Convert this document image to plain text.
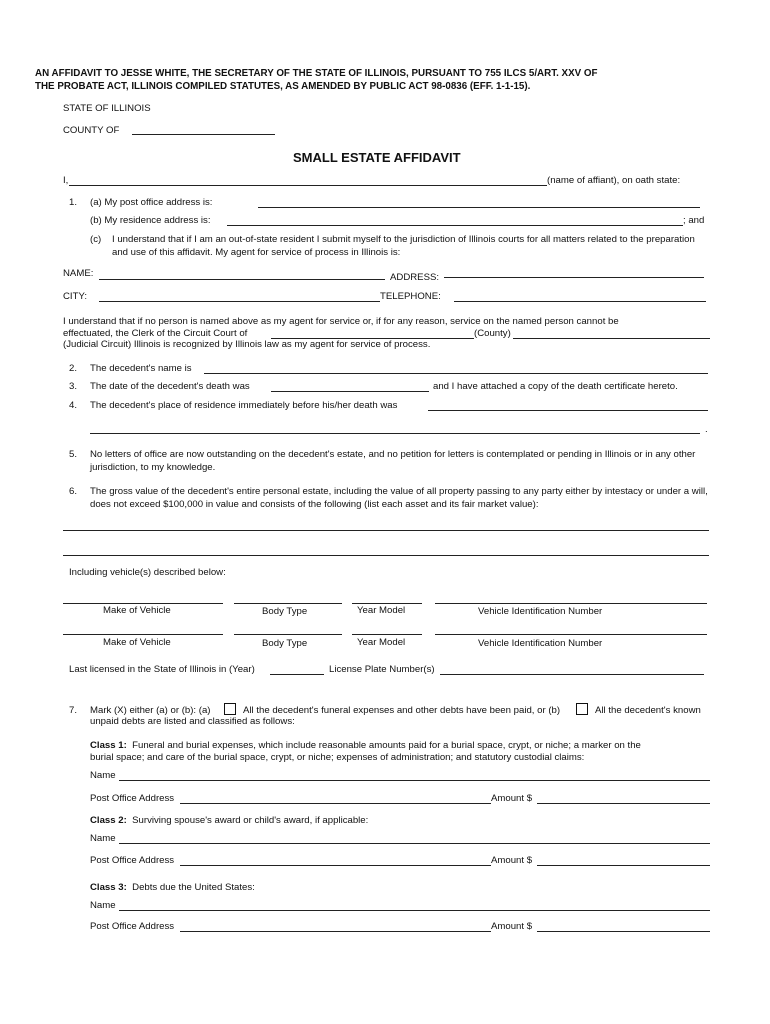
AN AFFIDAVIT TO JESSE WHITE, THE SECRETARY OF THE STATE OF ILLINOIS, PURSUANT TO 755 ILCS 5/ART. XXV OF
THE PROBATE ACT, ILLINOIS COMPILED STATUTES, AS AMENDED BY PUBLIC ACT 98-0836 (EFF. 1-1-15).
STATE OF ILLINOIS
COUNTY OF
SMALL ESTATE AFFIDAVIT
I,	(name of affiant), on oath state:
1. (a) My post office address is:
(b) My residence address is:	; and
(c) I understand that if I am an out-of-state resident I submit myself to the jurisdiction of Illinois courts for all matters related to the preparation and use of this affidavit. My agent for service of process in Illinois is:
NAME:	ADDRESS:
CITY:	TELEPHONE:
I understand that if no person is named above as my agent for service or, if for any reason, service on the named person cannot be
effectuated, the Clerk of the Circuit Court of	(County)
(Judicial Circuit) Illinois is recognized by Illinois law as my agent for service of process.
2. The decedent's name is
3. The date of the decedent's death was	and I have attached a copy of the death certificate hereto.
4. The decedent's place of residence immediately before his/her death was
.
5. No letters of office are now outstanding on the decedent's estate, and no petition for letters is contemplated or pending in Illinois or in any other jurisdiction, to my knowledge.
6. The gross value of the decedent's entire personal estate, including the value of all property passing to any party either by intestacy or under a will, does not exceed $100,000 in value and consists of the following (list each asset and its fair market value):
Including vehicle(s) described below:
Make of Vehicle	Body Type	Year Model	Vehicle Identification Number
Make of Vehicle	Body Type	Year Model	Vehicle Identification Number
Last licensed in the State of Illinois in (Year)	License Plate Number(s)
7. Mark (X) either (a) or (b): (a)	All the decedent's funeral expenses and other debts have been paid, or (b)	All the decedent's known
unpaid debts are listed and classified as follows:
Class 1: Funeral and burial expenses, which include reasonable amounts paid for a burial space, crypt, or niche; a marker on the
burial space; and care of the burial space, crypt, or niche; expenses of administration; and statutory custodial claims:
Name
Post Office Address	Amount $
Class 2: Surviving spouse's award or child's award, if applicable:
Name
Post Office Address	Amount $
Class 3: Debts due the United States:
Name
Post Office Address	Amount $
